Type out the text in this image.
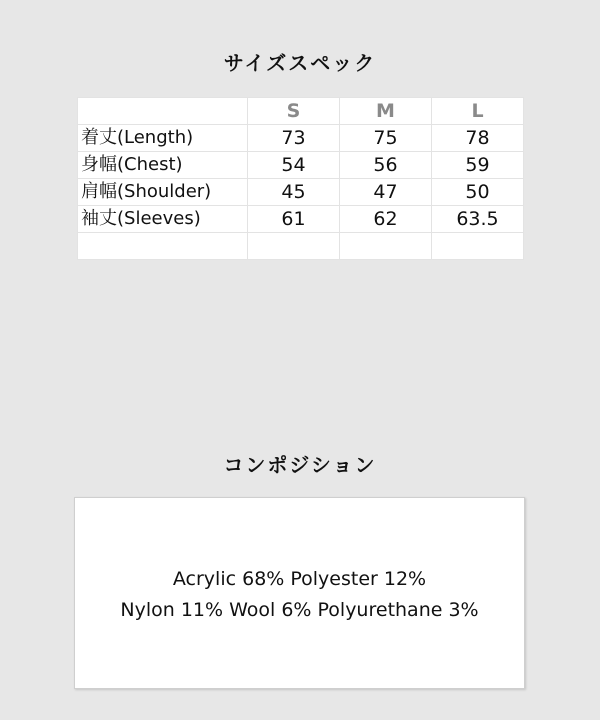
サイズスペック
	S	M	L
着丈(Length)	73	75	78
身幅(Chest)	54	56	59
肩幅(Shoulder)	45	47	50
袖丈(Sleeves)	61	62	63.5

コンポジション
Acrylic 68% Polyester 12%
Nylon 11% Wool 6% Polyurethane 3%
